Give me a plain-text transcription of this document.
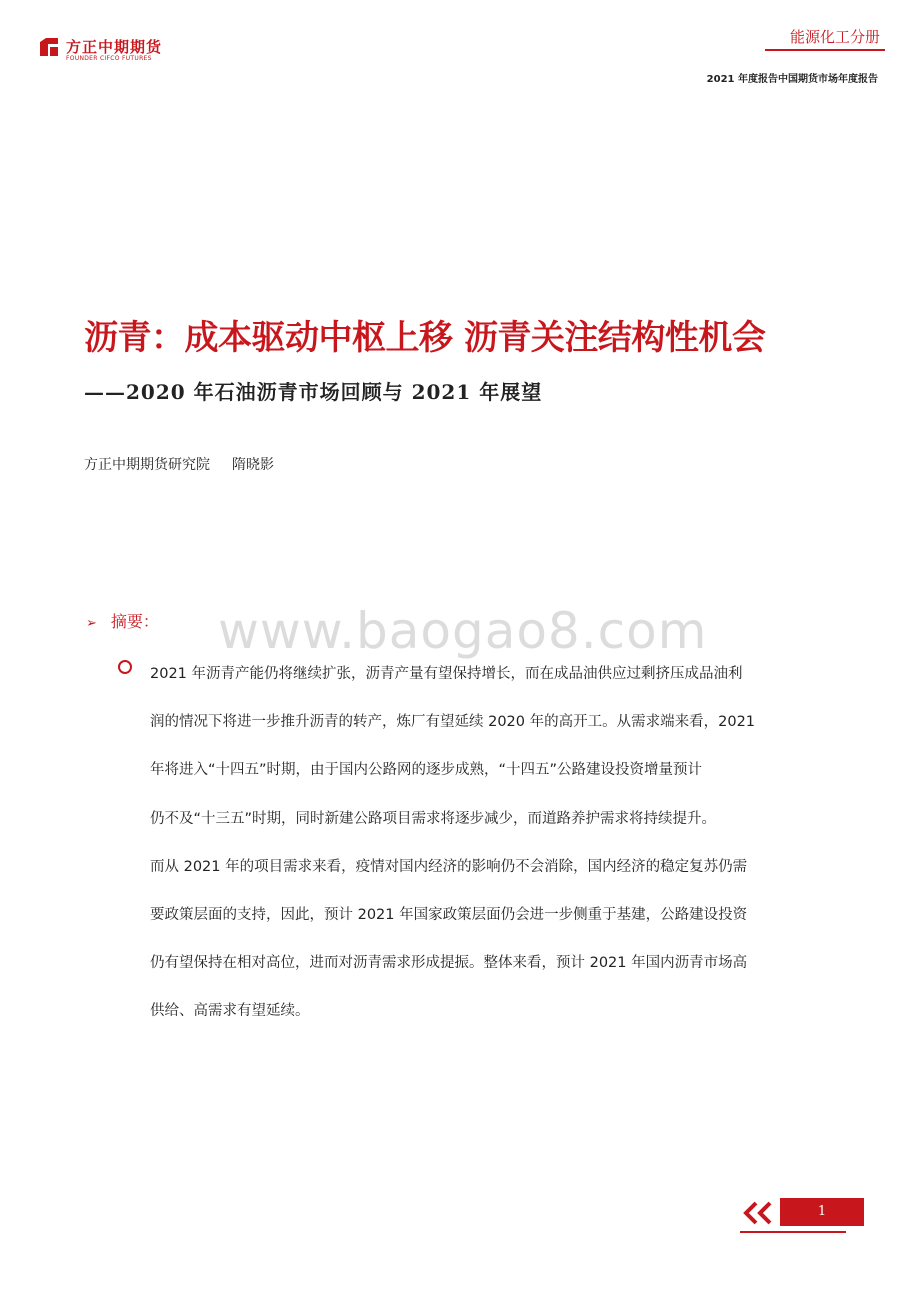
方正中期期货
FOUNDER CIFCO FUTURES
能源化工分册
2021 年度报告中国期货市场年度报告
沥青：成本驱动中枢上移 沥青关注结构性机会
——2020 年石油沥青市场回顾与 2021 年展望
方正中期期货研究院 隋晓影
www.baogao8.com
➢ 摘要：
2021 年沥青产能仍将继续扩张，沥青产量有望保持增长，而在成品油供应过剩挤压成品油利
润的情况下将进一步推升沥青的转产，炼厂有望延续 2020 年的高开工。从需求端来看，2021
年将进入“十四五”时期，由于国内公路网的逐步成熟，“十四五”公路建设投资增量预计
仍不及“十三五”时期，同时新建公路项目需求将逐步减少，而道路养护需求将持续提升。
而从 2021 年的项目需求来看，疫情对国内经济的影响仍不会消除，国内经济的稳定复苏仍需
要政策层面的支持，因此，预计 2021 年国家政策层面仍会进一步侧重于基建，公路建设投资
仍有望保持在相对高位，进而对沥青需求形成提振。整体来看，预计 2021 年国内沥青市场高
供给、高需求有望延续。
1
